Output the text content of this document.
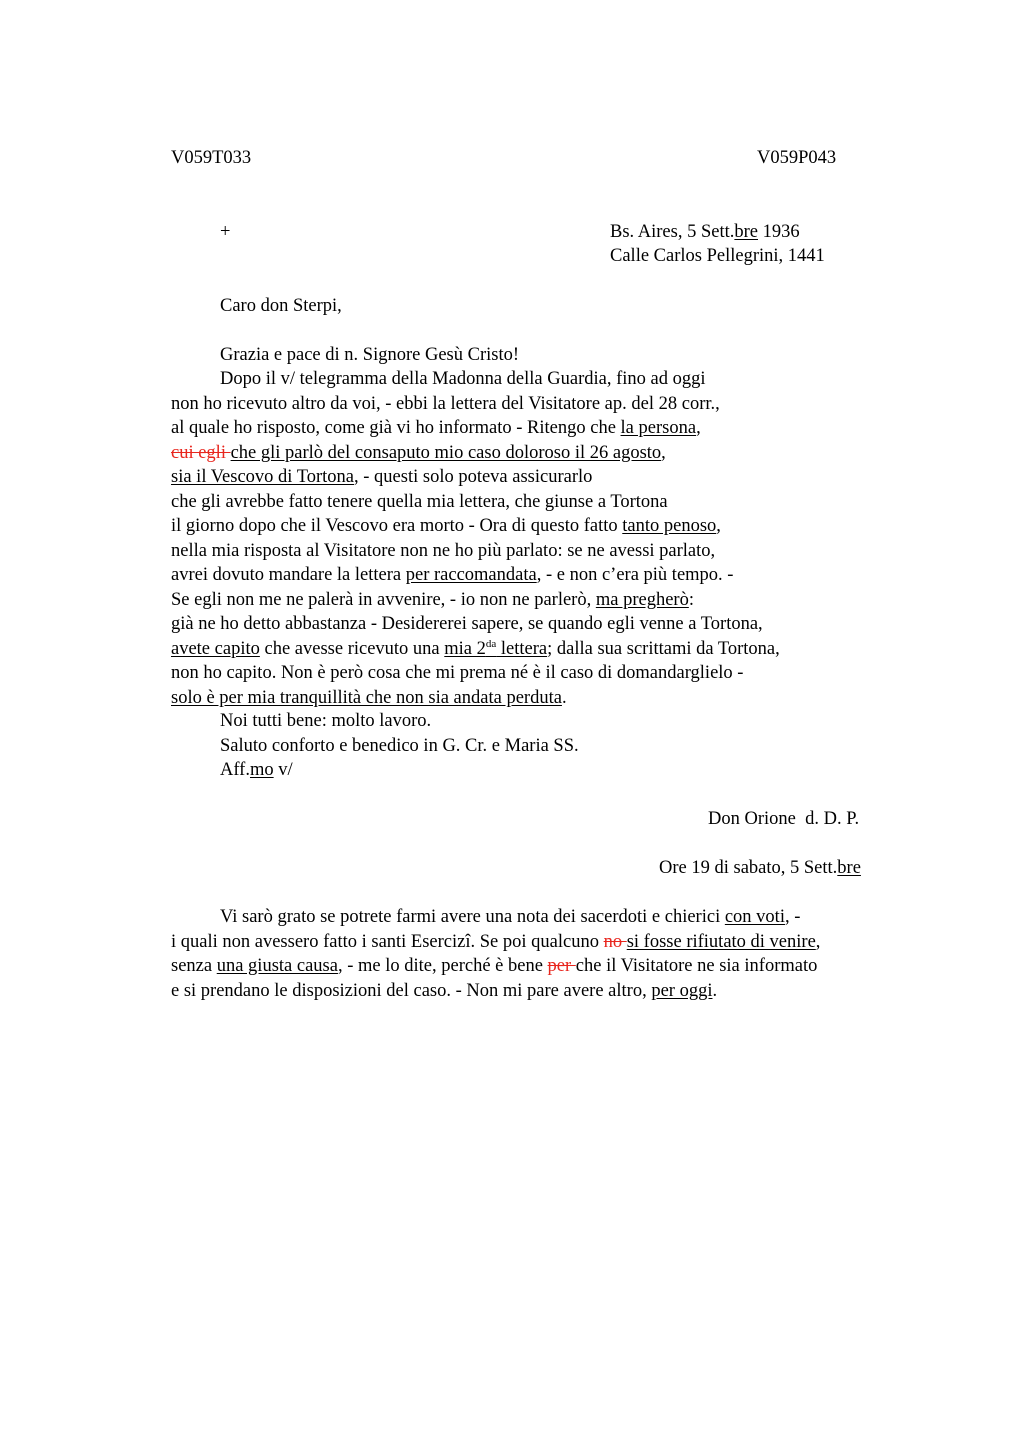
V059T033	V059P043
+	Bs. Aires, 5 Sett.bre 1936
Calle Carlos Pellegrini, 1441
Caro don Sterpi,
Grazia e pace di n. Signore Gesù Cristo!
Dopo il v/ telegramma della Madonna della Guardia, fino ad oggi
non ho ricevuto altro da voi, - ebbi la lettera del Visitatore ap. del 28 corr.,
al quale ho risposto, come già vi ho informato - Ritengo che la persona,
cui egli che gli parlò del consaputo mio caso doloroso il 26 agosto,
sia il Vescovo di Tortona, - questi solo poteva assicurarlo
che gli avrebbe fatto tenere quella mia lettera, che giunse a Tortona
il giorno dopo che il Vescovo era morto - Ora di questo fatto tanto penoso,
nella mia risposta al Visitatore non ne ho più parlato: se ne avessi parlato,
avrei dovuto mandare la lettera per raccomandata, - e non c’era più tempo. -
Se egli non me ne palerà in avvenire, - io non ne parlerò, ma pregherò:
già ne ho detto abbastanza - Desidererei sapere, se quando egli venne a Tortona,
avete capito che avesse ricevuto una mia $2^{da}$ lettera; dalla sua scrittami da Tortona,
non ho capito. Non è però cosa che mi prema né è il caso di domandarglielo -
solo è per mia tranquillità che non sia andata perduta.
Noi tutti bene: molto lavoro.
Saluto conforto e benedico in G. Cr. e Maria SS.
Aff.mo v/
Don Orione  d. D. P.
Ore 19 di sabato, 5 Sett.bre
Vi sarò grato se potrete farmi avere una nota dei sacerdoti e chierici con voti, -
i quali non avessero fatto i santi Esercizi. Se poi qualcuno no si fosse rifiutato di venire,
senza una giusta causa, - me lo dite, perché è bene per che il Visitatore ne sia informato
e si prendano le disposizioni del caso. - Non mi pare avere altro, per oggi.
